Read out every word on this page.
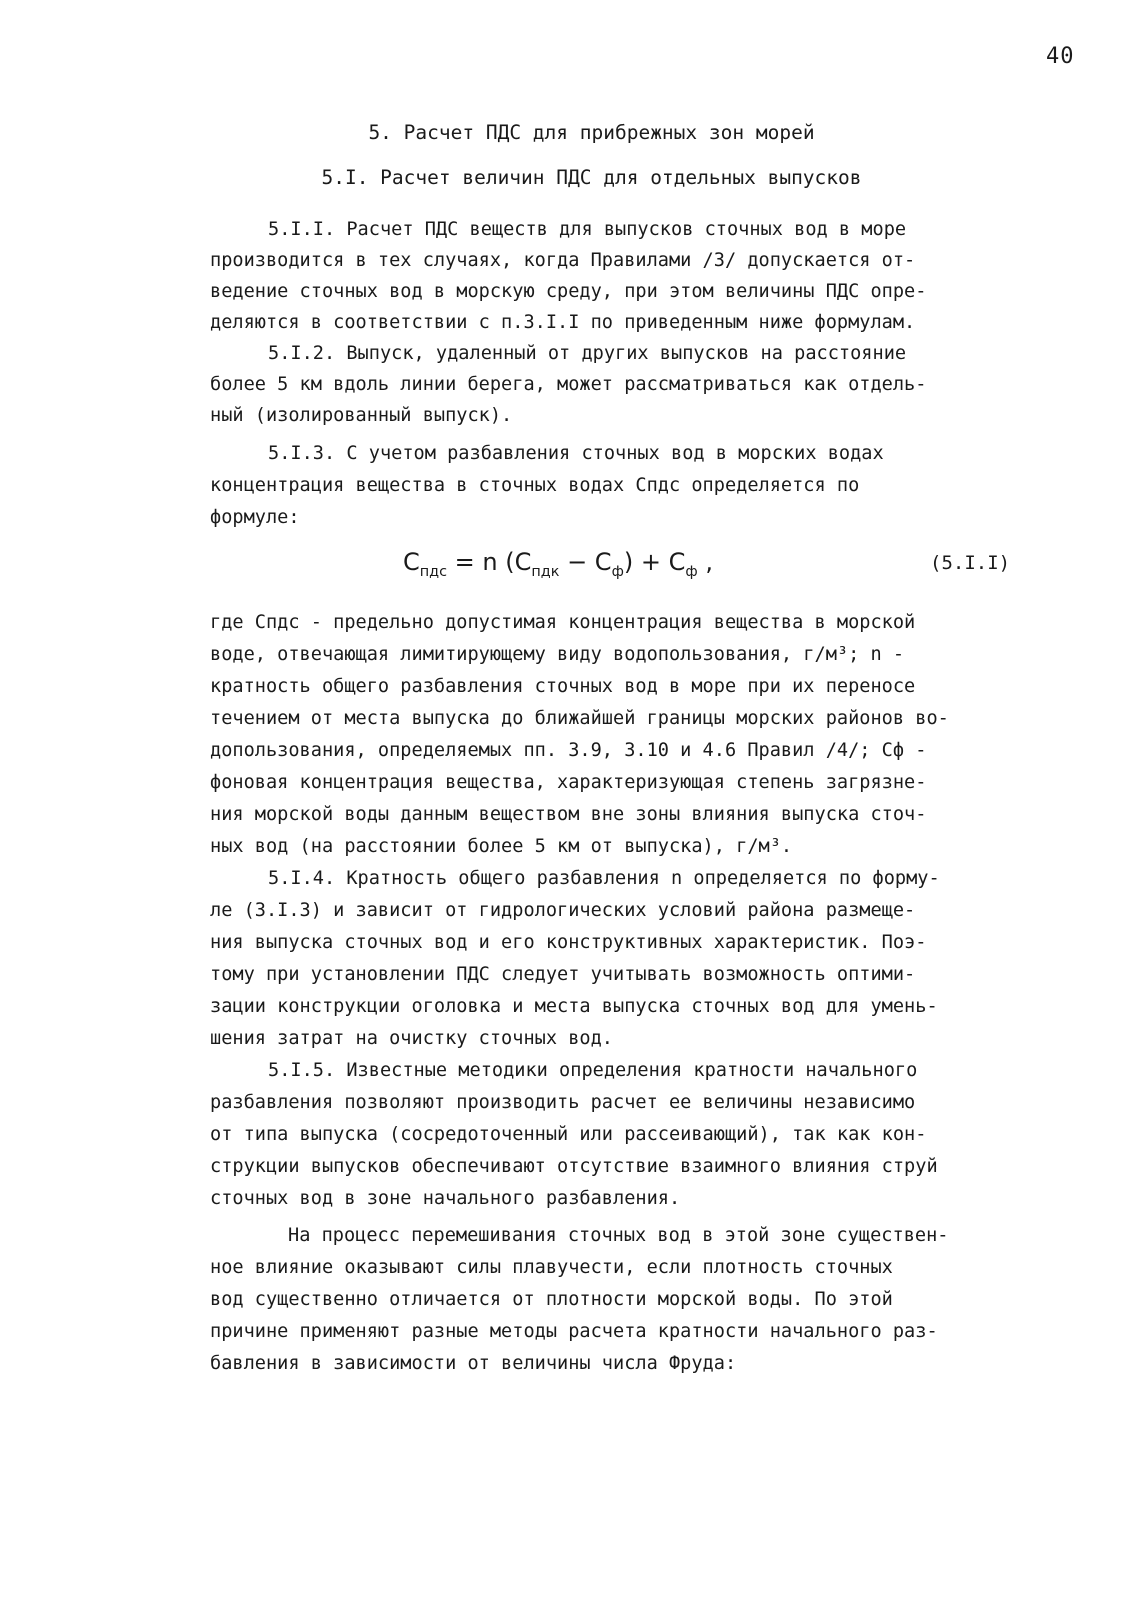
40
5. Расчет ПДС для прибрежных зон морей
5.I. Расчет величин ПДС для отдельных выпусков
5.I.I. Расчет ПДС веществ для выпусков сточных вод в море
производится в тех случаях, когда Правилами /3/ допускается от-
ведение сточных вод в морскую среду, при этом величины ПДС опре-
деляются в соответствии с п.3.I.I по приведенным ниже формулам.
5.I.2. Выпуск, удаленный от других выпусков на расстояние
более 5 км вдоль линии берега, может рассматриваться как отдель-
ный (изолированный выпуск).
5.I.3. С учетом разбавления сточных вод в морских водах
концентрация вещества в сточных водах Спдс определяется по
формуле:
$C_{пдс} = n$ $(C_{пдк} - C_ф) + C_ф$ ,	(5.I.I)
где Спдс - предельно допустимая концентрация вещества в морской
воде, отвечающая лимитирующему виду водопользования, г/м³; n -
кратность общего разбавления сточных вод в море при их переносе
течением от места выпуска до ближайшей границы морских районов во-
допользования, определяемых пп. 3.9, 3.10 и 4.6 Правил /4/; Сф -
фоновая концентрация вещества, характеризующая степень загрязне-
ния морской воды данным веществом вне зоны влияния выпуска сточ-
ных вод (на расстоянии более 5 км от выпуска), г/м³.
5.I.4. Кратность общего разбавления n определяется по форму-
ле (3.I.3) и зависит от гидрологических условий района размеще-
ния выпуска сточных вод и его конструктивных характеристик. Поэ-
тому при установлении ПДС следует учитывать возможность оптими-
зации конструкции оголовка и места выпуска сточных вод для умень-
шения затрат на очистку сточных вод.
5.I.5. Известные методики определения кратности начального
разбавления позволяют производить расчет ее величины независимо
от типа выпуска (сосредоточенный или рассеивающий), так как кон-
струкции выпусков обеспечивают отсутствие взаимного влияния струй
сточных вод в зоне начального разбавления.
На процесс перемешивания сточных вод в этой зоне существен-
ное влияние оказывают силы плавучести, если плотность сточных
вод существенно отличается от плотности морской воды. По этой
причине применяют разные методы расчета кратности начального раз-
бавления в зависимости от величины числа Фруда:
